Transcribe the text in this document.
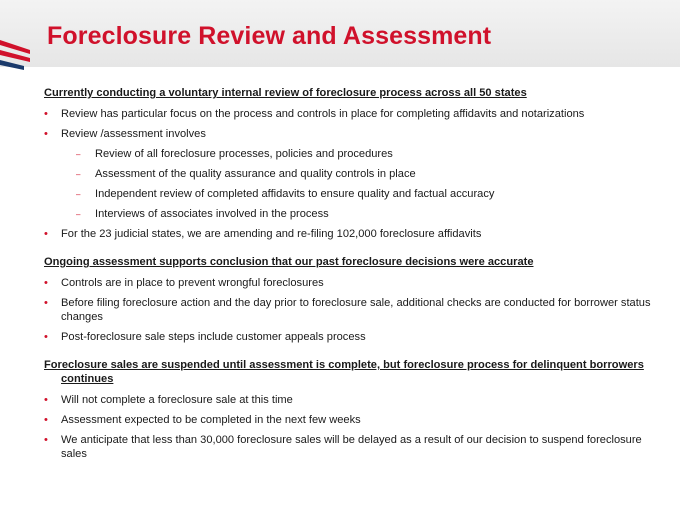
Foreclosure Review and Assessment
Currently conducting a voluntary internal review of foreclosure process across all 50 states
• Review has particular focus on the process and controls in place for completing affidavits and notarizations
• Review /assessment involves
– Review of all foreclosure processes, policies and procedures
– Assessment of the quality assurance and quality controls in place
– Independent review of completed affidavits to ensure quality and factual accuracy
– Interviews of associates involved in the process
• For the 23 judicial states, we are amending and re-filing 102,000 foreclosure affidavits
Ongoing assessment supports conclusion that our past foreclosure decisions were accurate
• Controls are in place to prevent wrongful foreclosures
• Before filing foreclosure action and the day prior to foreclosure sale, additional checks are conducted for borrower status changes
• Post-foreclosure sale steps include customer appeals process
Foreclosure sales are suspended until assessment is complete, but foreclosure process for delinquent borrowers continues
• Will not complete a foreclosure sale at this time
• Assessment expected to be completed in the next few weeks
• We anticipate that less than 30,000 foreclosure sales will be delayed as a result of our decision to suspend foreclosure sales
